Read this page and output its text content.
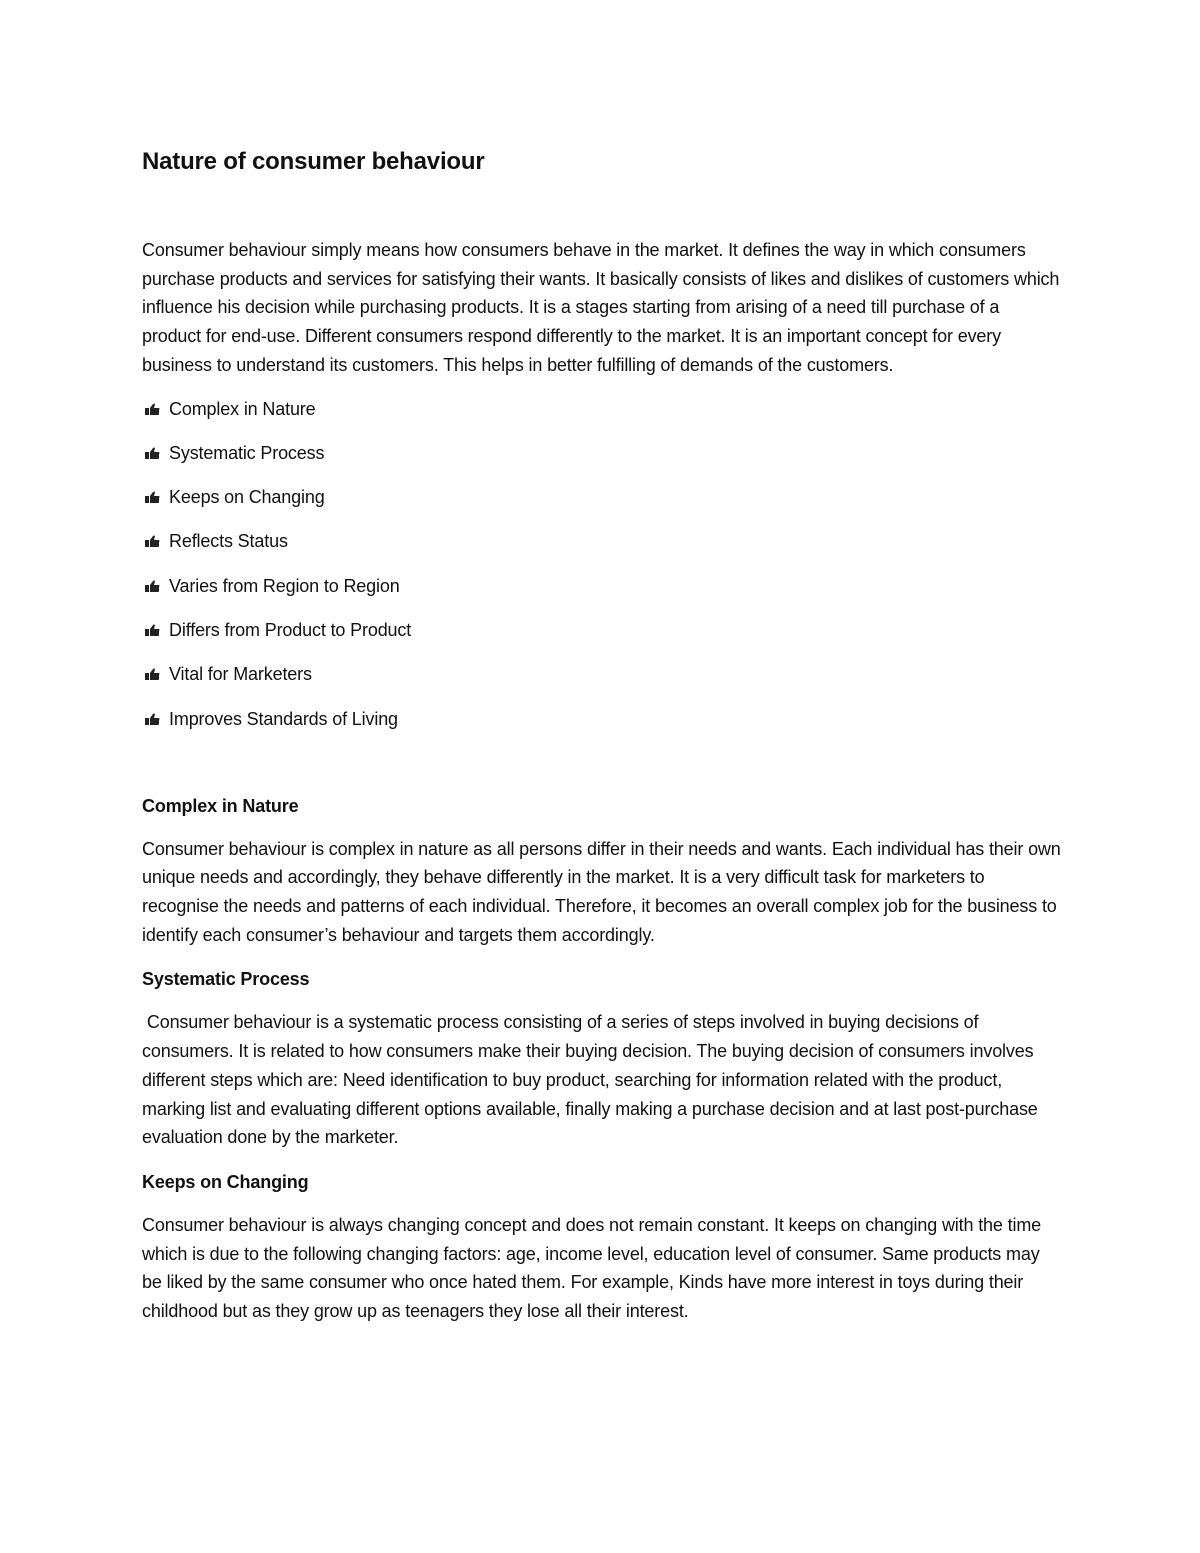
Nature of consumer behaviour

Consumer behaviour simply means how consumers behave in the market. It defines the way in which consumers purchase products and services for satisfying their wants. It basically consists of likes and dislikes of customers which influence his decision while purchasing products. It is a stages starting from arising of a need till purchase of a product for end-use. Different consumers respond differently to the market. It is an important concept for every business to understand its customers. This helps in better fulfilling of demands of the customers.

Complex in Nature
Systematic Process
Keeps on Changing
Reflects Status
Varies from Region to Region
Differs from Product to Product
Vital for Marketers
Improves Standards of Living
Complex in Nature

Consumer behaviour is complex in nature as all persons differ in their needs and wants. Each individual has their own unique needs and accordingly, they behave differently in the market. It is a very difficult task for marketers to recognise the needs and patterns of each individual. Therefore, it becomes an overall complex job for the business to identify each consumer’s behaviour and targets them accordingly.

Systematic Process

Consumer behaviour is a systematic process consisting of a series of steps involved in buying decisions of consumers. It is related to how consumers make their buying decision. The buying decision of consumers involves different steps which are: Need identification to buy product, searching for information related with the product, marking list and evaluating different options available, finally making a purchase decision and at last post-purchase evaluation done by the marketer.

Keeps on Changing

Consumer behaviour is always changing concept and does not remain constant. It keeps on changing with the time which is due to the following changing factors: age, income level, education level of consumer. Same products may be liked by the same consumer who once hated them. For example, Kinds have more interest in toys during their childhood but as they grow up as teenagers they lose all their interest.
